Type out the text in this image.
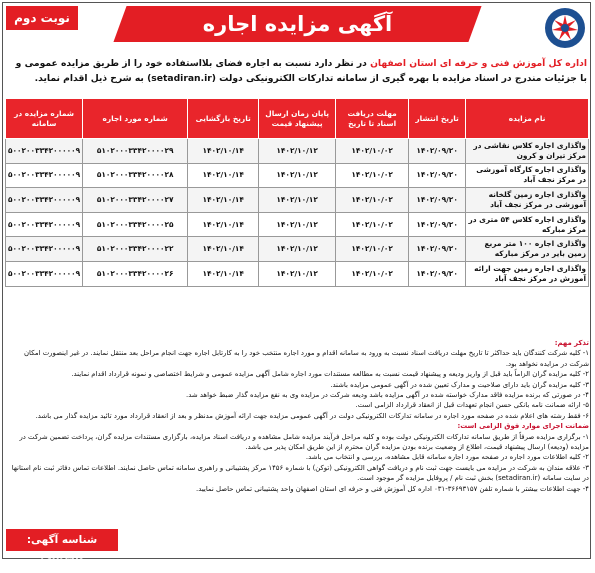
آگهی مزایده اجاره
نوبت دوم
اداره کل آموزش فنی و حرفه ای استان اصفهان در نظر دارد نسبت به اجاره فضای بلااستفاده خود را از طریق مزایده عمومی و با جزئیات مندرج در اسناد مزایده با بهره گیری از سامانه تدارکات الکترونیکی دولت (setadiran.ir) به شرح ذیل اقدام نماید.
نام مزایده	تاریخ انتشار	مهلت دریافت اسناد تا تاریخ	پایان زمان ارسال پیشنهاد قیمت	تاریخ بازگشایی	شماره مورد اجاره	شماره مزایده در سامانه
واگذاری اجاره کلاس نقاشی در مرکز تیران و کرون	۱۴۰۲/۰۹/۲۰	۱۴۰۲/۱۰/۰۲	۱۴۰۲/۱۰/۱۲	۱۴۰۲/۱۰/۱۴	۵۱۰۲۰۰۰۳۳۴۲۰۰۰۰۲۹	۵۰۰۲۰۰۳۳۴۲۰۰۰۰۰۹
واگذاری اجاره کارگاه آموزشی در مرکز نجف آباد	۱۴۰۲/۰۹/۲۰	۱۴۰۲/۱۰/۰۲	۱۴۰۲/۱۰/۱۲	۱۴۰۲/۱۰/۱۴	۵۱۰۲۰۰۰۳۳۴۲۰۰۰۰۲۸	۵۰۰۲۰۰۳۳۴۲۰۰۰۰۰۹
واگذاری اجاره زمین گلخانه آموزشی در مرکز نجف آباد	۱۴۰۲/۰۹/۲۰	۱۴۰۲/۱۰/۰۲	۱۴۰۲/۱۰/۱۲	۱۴۰۲/۱۰/۱۴	۵۱۰۲۰۰۰۳۳۴۲۰۰۰۰۲۷	۵۰۰۲۰۰۳۳۴۲۰۰۰۰۰۹
واگذاری اجاره کلاس ۵۴ متری در مرکز مبارکه	۱۴۰۲/۰۹/۲۰	۱۴۰۲/۱۰/۰۲	۱۴۰۲/۱۰/۱۲	۱۴۰۲/۱۰/۱۴	۵۱۰۲۰۰۰۳۳۴۲۰۰۰۰۲۵	۵۰۰۲۰۰۳۳۴۲۰۰۰۰۰۹
واگذاری اجاره ۱۰۰ متر مربع زمین بایر در مرکز مبارکه	۱۴۰۲/۰۹/۲۰	۱۴۰۲/۱۰/۰۲	۱۴۰۲/۱۰/۱۲	۱۴۰۲/۱۰/۱۴	۵۱۰۲۰۰۰۳۳۴۲۰۰۰۰۲۲	۵۰۰۲۰۰۳۳۴۲۰۰۰۰۰۹
واگذاری اجاره زمین جهت ارائه آموزش در مرکز نجف آباد	۱۴۰۲/۰۹/۲۰	۱۴۰۲/۱۰/۰۲	۱۴۰۲/۱۰/۱۲	۱۴۰۲/۱۰/۱۴	۵۱۰۲۰۰۰۳۳۴۲۰۰۰۰۲۶	۵۰۰۲۰۰۳۳۴۲۰۰۰۰۰۹

تذکر مهم:

۱- کلیه شرکت کنندگان باید حداکثر تا تاریخ مهلت دریافت اسناد نسبت به ورود به سامانه اقدام و مورد اجاره منتخب خود را به کارتابل اجاره جهت انجام مراحل بعد منتقل نمایند. در غیر اینصورت امکان شرکت در مزایده نخواهد بود.

۲- کلیه مزایده گران الزاماً باید قبل از واریز ودیعه و پیشنهاد قیمت نسبت به مطالعه مستندات مورد اجاره شامل آگهی مزایده عمومی و شرایط اختصاصی و نمونه قرارداد اقدام نمایند.

۳- کلیه مزایده گران باید دارای صلاحیت و مدارک تعیین شده در آگهی عمومی مزایده باشند.

۴- در صورتی که برنده مزایده فاقد مدارک خواسته شده در آگهی مزایده باشد ودیعه شرکت در مزایده وی به نفع مزایده گذار ضبط خواهد شد.

۵- ارائه ضمانت نامه بانکی حسن انجام تعهدات قبل از انعقاد قرارداد الزامی است.

۶- فقط رشته های اعلام شده در صفحه مورد اجاره در سامانه تدارکات الکترونیکی دولت در آگهی عمومی مزایده جهت ارائه آموزش مدنظر و بعد از انعقاد قرارداد مورد تائید مزایده گذار می باشد.

ضمانت اجرای موارد فوق الزامی است:

۱- برگزاری مزایده صرفاً از طریق سامانه تدارکات الکترونیکی دولت بوده و کلیه مراحل فرآیند مزایده شامل مشاهده و دریافت اسناد مزایده، بارگزاری مستندات مزایده گران، پرداخت تضمین شرکت در مزایده (ودیعه) ارسال پیشنهاد قیمت، اطلاع از وضعیت برنده بودن مزایده گران محترم از این طریق امکان پذیر می باشد.

۲- کلیه اطلاعات مورد اجاره در صفحه مورد اجاره سامانه قابل مشاهده، بررسی و انتخاب می باشد.

۳- علاقه مندان به شرکت در مزایده می بایست جهت ثبت نام و دریافت گواهی الکترونیکی (توکن) با شماره ۱۴۵۶ مرکز پشتیبانی و راهبری سامانه تماس حاصل نمایند. اطلاعات تماس دفاتر ثبت نام استانها در سایت سامانه (setadiran.ir) بخش ثبت نام / پروفایل مزایده گر موجود است.

۴- جهت اطلاعات بیشتر با شماره تلفن ۳۶۶۹۳۱۵۷-۰۳۱ اداره کل آموزش فنی و حرفه ای استان اصفهان واحد پشتیبانی تماس حاصل نمایید.

شناسه آگهی: ۱۶۲۱۳۲۵
